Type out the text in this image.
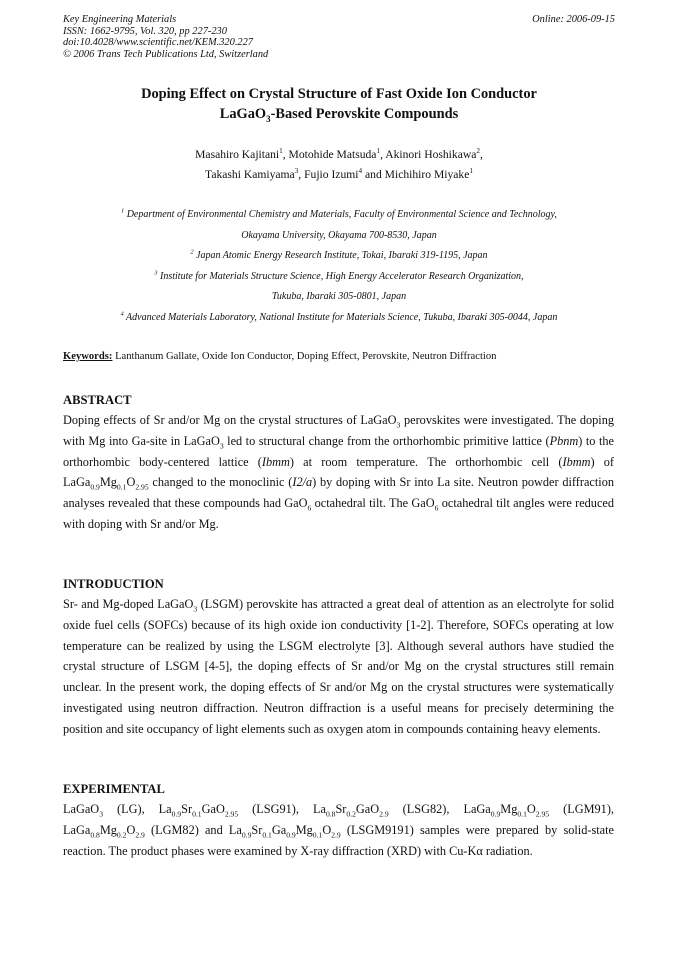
Key Engineering Materials
ISSN: 1662-9795, Vol. 320, pp 227-230
doi:10.4028/www.scientific.net/KEM.320.227
© 2006 Trans Tech Publications Ltd, Switzerland
Online: 2006-09-15
Doping Effect on Crystal Structure of Fast Oxide Ion Conductor
LaGaO$_3$-Based Perovskite Compounds
Masahiro Kajitani$^1$, Motohide Matsuda$^1$, Akinori Hoshikawa$^2$,
Takashi Kamiyama$^3$, Fujio Izumi$^4$ and Michihiro Miyake$^1$
$^1$ Department of Environmental Chemistry and Materials, Faculty of Environmental Science and Technology,
Okayama University, Okayama 700-8530, Japan
$^2$ Japan Atomic Energy Research Institute, Tokai, Ibaraki 319-1195, Japan
$^3$ Institute for Materials Structure Science, High Energy Accelerator Research Organization,
Tukuba, Ibaraki 305-0801, Japan
$^4$ Advanced Materials Laboratory, National Institute for Materials Science, Tukuba, Ibaraki 305-0044, Japan
Keywords: Lanthanum Gallate, Oxide Ion Conductor, Doping Effect, Perovskite, Neutron Diffraction
ABSTRACT

Doping effects of Sr and/or Mg on the crystal structures of LaGaO$_3$ perovskites were investigated. The doping with Mg into Ga-site in LaGaO$_3$ led to structural change from the orthorhombic primitive lattice (Pbnm) to the orthorhombic body-centered lattice (Ibmm) at room temperature. The orthorhombic cell (Ibmm) of $LaGa_{0.9}Mg_{0.1}O_{2.95}$ changed to the monoclinic (I2/a) by doping with Sr into La site. Neutron powder diffraction analyses revealed that these compounds had GaO$_6$ octahedral tilt. The GaO$_6$ octahedral tilt angles were reduced with doping with Sr and/or Mg.

INTRODUCTION

Sr- and Mg-doped LaGaO$_3$ (LSGM) perovskite has attracted a great deal of attention as an electrolyte for solid oxide fuel cells (SOFCs) because of its high oxide ion conductivity [1-2]. Therefore, SOFCs operating at low temperature can be realized by using the LSGM electrolyte [3]. Although several authors have studied the crystal structure of LSGM [4-5], the doping effects of Sr and/or Mg on the crystal structures still remain unclear. In the present work, the doping effects of Sr and/or Mg on the crystal structures were systematically investigated using neutron diffraction. Neutron diffraction is a useful means for precisely determining the position and site occupancy of light elements such as oxygen atom in compounds containing heavy elements.

EXPERIMENTAL

LaGaO$_3$ (LG), $La_{0.9}Sr_{0.1}GaO_{2.95}$ (LSG91), $La_{0.8}Sr_{0.2}GaO_{2.9}$ (LSG82), $LaGa_{0.9}Mg_{0.1}O_{2.95}$ (LGM91), $LaGa_{0.8}Mg_{0.2}O_{2.9}$ (LGM82) and $La_{0.9}Sr_{0.1}Ga_{0.9}Mg_{0.1}O_{2.9}$ (LSGM9191) samples were prepared by solid-state reaction. The product phases were examined by X-ray diffraction (XRD) with Cu-Kα radiation.
